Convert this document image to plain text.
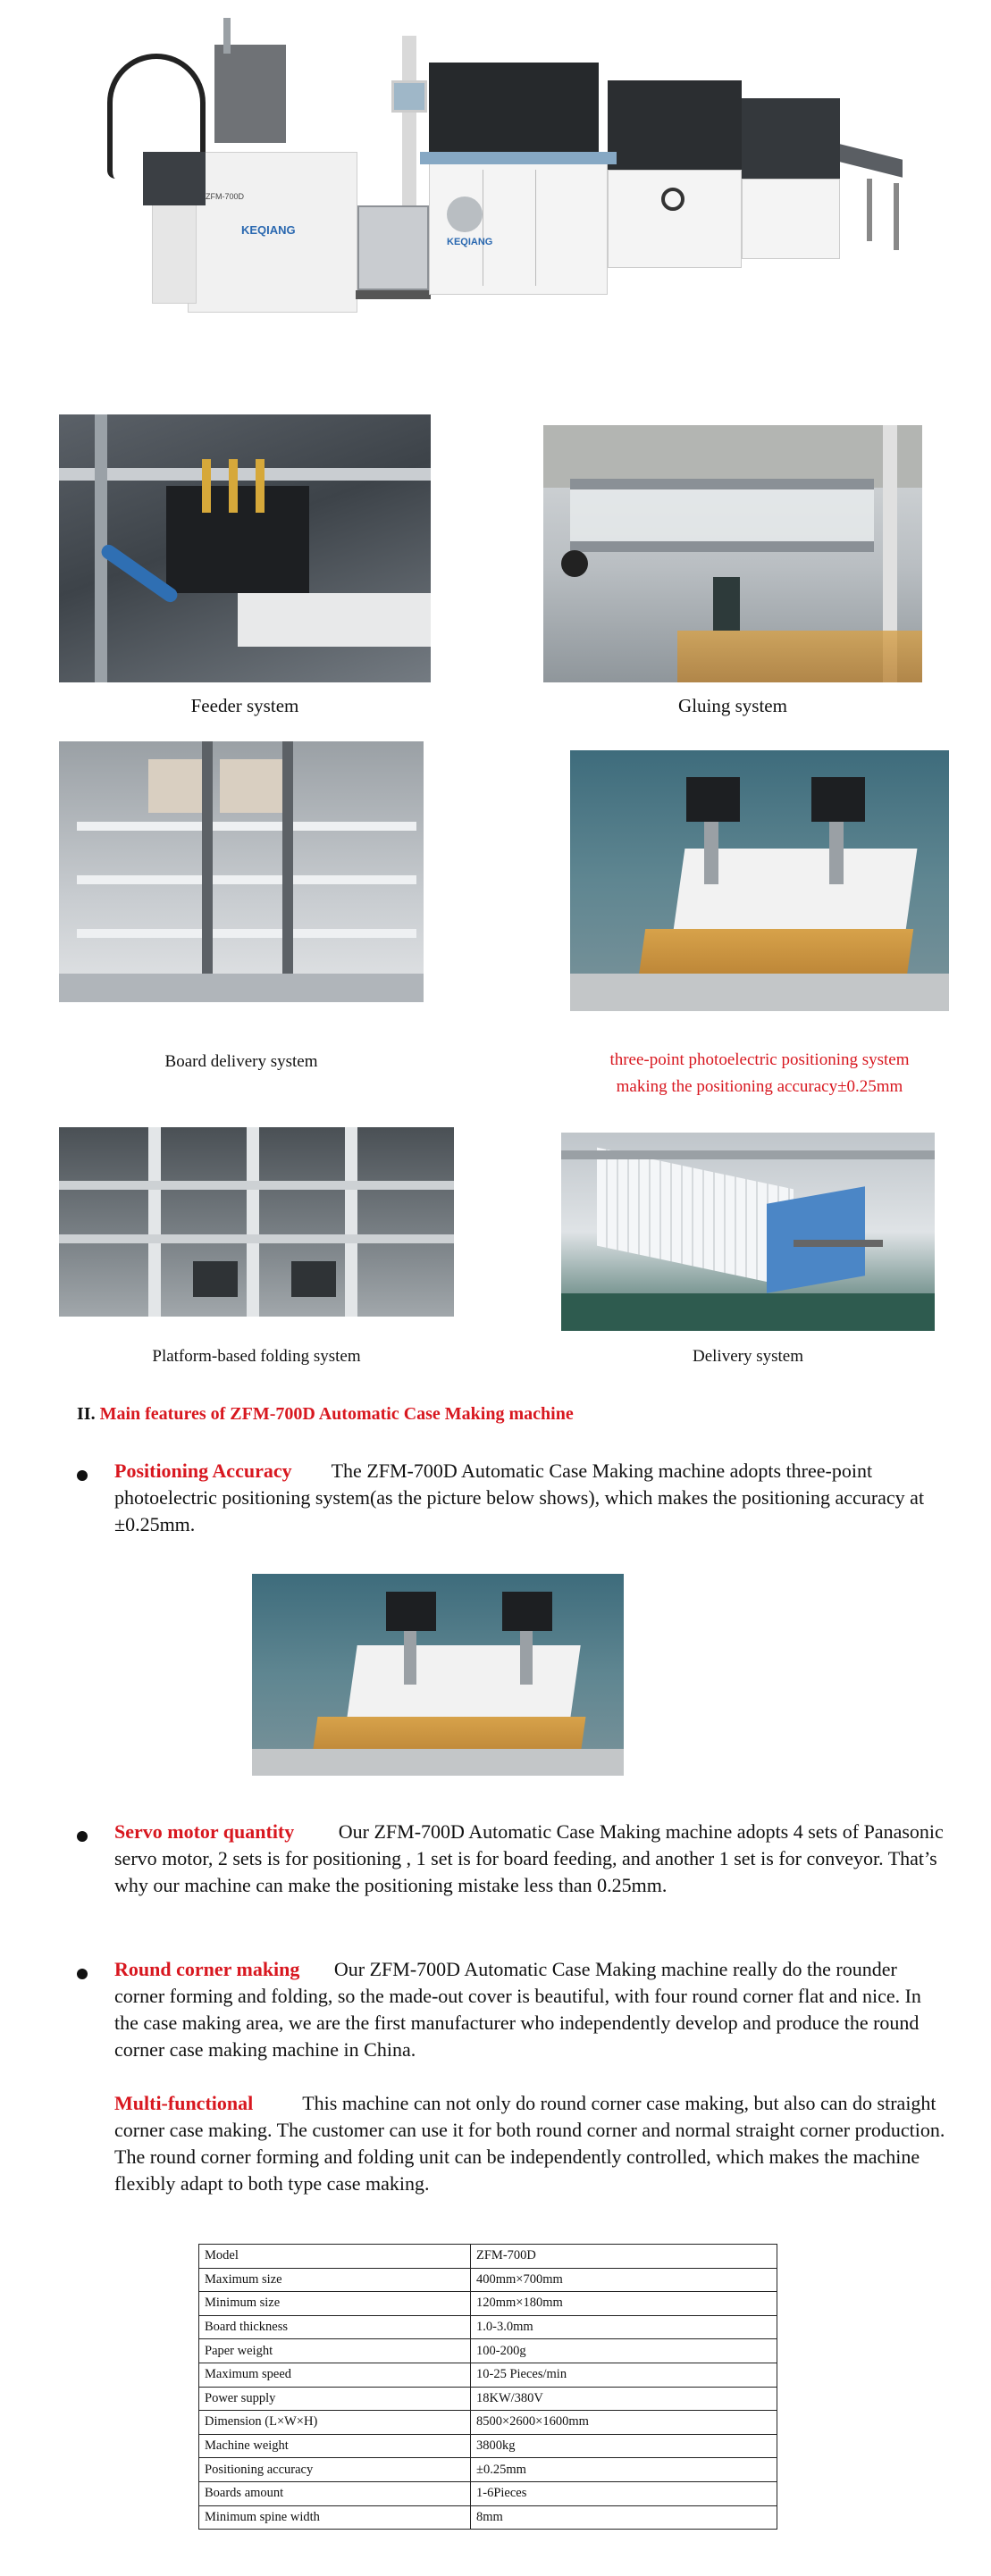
ZFM-700D
KEQIANG
KEQIANG
Feeder system	Gluing system
Board delivery system	three-point photoelectric positioning system
making the positioning accuracy±0.25mm
Platform-based folding system	Delivery system
II. Main features of ZFM-700D Automatic Case Making machine
Positioning Accuracy The ZFM-700D Automatic Case Making machine adopts three-point photoelectric positioning system(as the picture below shows), which makes the positioning accuracy at ±0.25mm.
Servo motor quantity Our ZFM-700D Automatic Case Making machine adopts 4 sets of Panasonic servo motor, 2 sets is for positioning , 1 set is for board feeding, and another 1 set is for conveyor. That’s why our machine can make the positioning mistake less than 0.25mm.
Round corner making Our ZFM-700D Automatic Case Making machine really do the rounder corner forming and folding, so the made-out cover is beautiful, with four round corner flat and nice. In the case making area, we are the first manufacturer who independently develop and produce the round corner case making machine in China.
Multi-functional	This machine can not only do round corner case making, but also can do straight corner case making. The customer can use it for both round corner and normal straight corner production. The round corner forming and folding unit can be independently controlled, which makes the machine flexibly adapt to both type case making.
Model	ZFM-700D
Maximum size	400mm×700mm
Minimum size	120mm×180mm
Board thickness	1.0-3.0mm
Paper weight	100-200g
Maximum speed	10-25 Pieces/min
Power supply	18KW/380V
Dimension (L×W×H)	8500×2600×1600mm
Machine weight	3800kg
Positioning accuracy	±0.25mm
Boards amount	1-6Pieces
Minimum spine width	8mm
